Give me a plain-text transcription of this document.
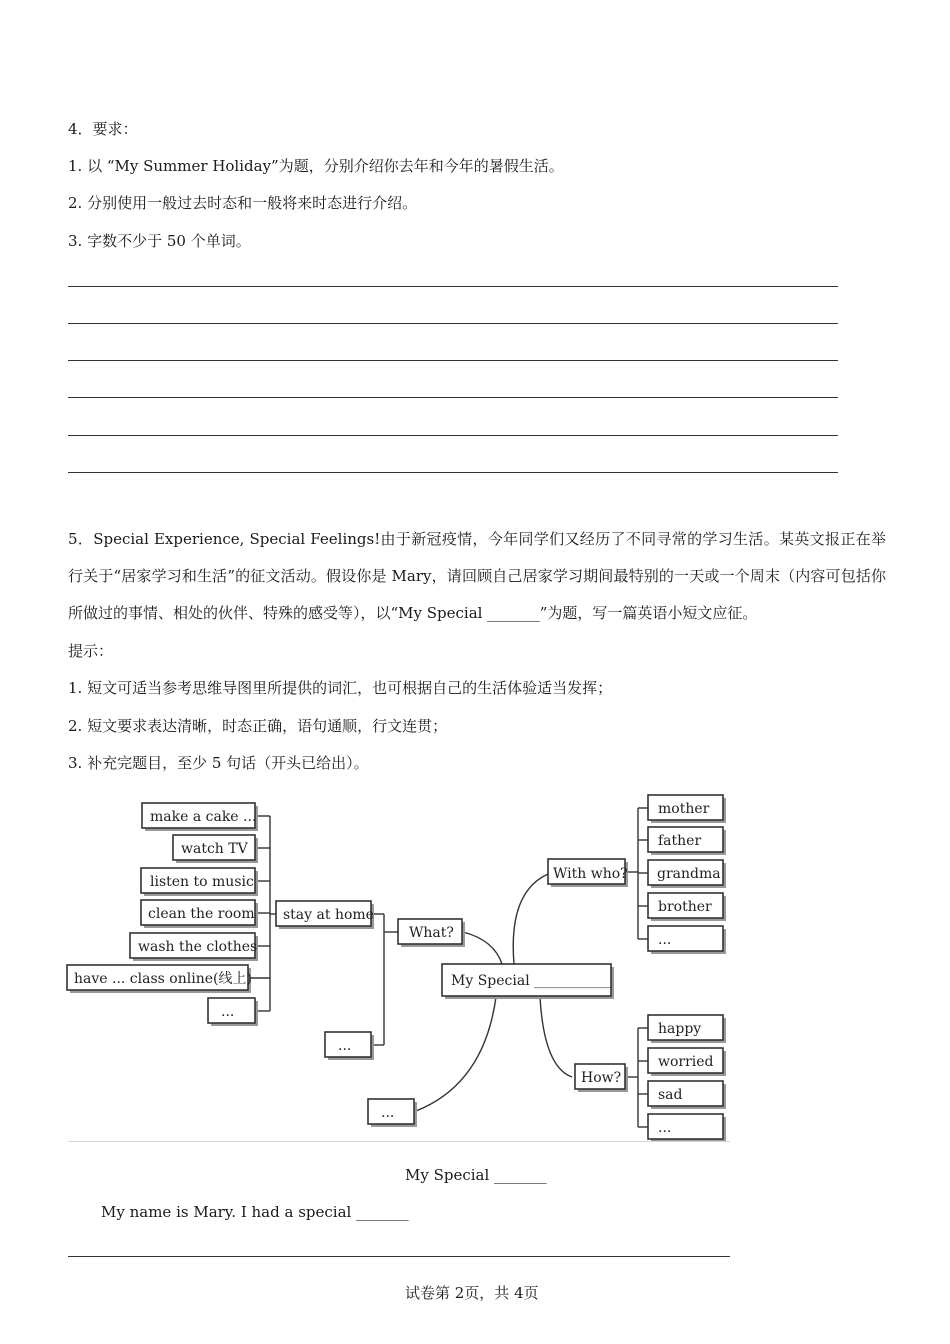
4．要求：
1. 以 “My Summer Holiday”为题，分别介绍你去年和今年的暑假生活。
2. 分别使用一般过去时态和一般将来时态进行介绍。
3. 字数不少于 50 个单词。
5．Special Experience, Special Feelings!由于新冠疫情，今年同学们又经历了不同寻常的学习生活。某英文报正在举行关于“居家学习和生活”的征文活动。假设你是 Mary，请回顾自己居家学习期间最特别的一天或一个周末（内容可包括你所做过的事情、相处的伙伴、特殊的感受等），以“My Special _______”为题，写一篇英语小短文应征。
提示：
1. 短文可适当参考思维导图里所提供的词汇，也可根据自己的生活体验适当发挥；
2. 短文要求表达清晰，时态正确，语句通顺，行文连贯；
3. 补充完题目，至少 5 句话（开头已给出）。
make a cake ...
watch TV
listen to music
clean the room
wash the clothes
have ... class online(线上)
...
stay at home
...
What?
My Special ___________
...
With who?
How?
mother
father
grandma
brother
...
happy
worried
sad
...
My Special _______
My name is Mary. I had a special _______
试卷第 2页，共 4页
